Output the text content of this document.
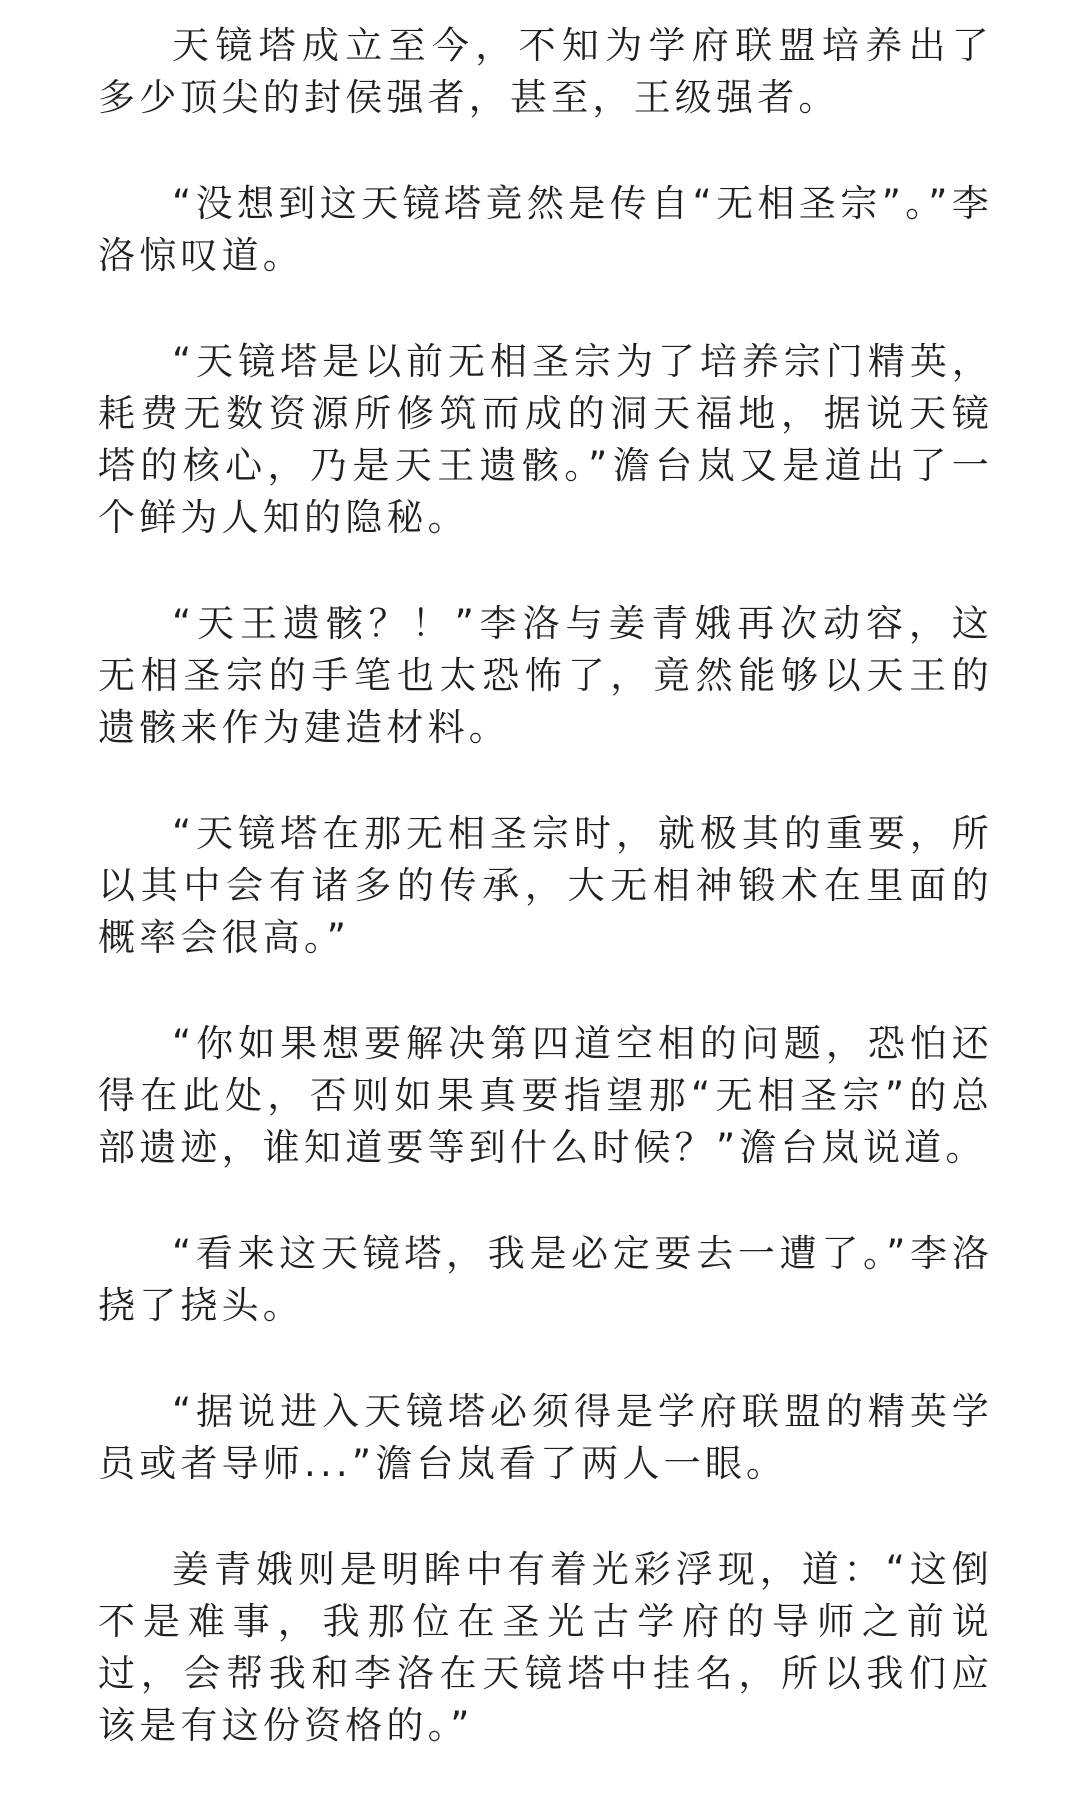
天镜塔成立至今，不知为学府联盟培养出了多少顶尖的封侯强者，甚至，王级强者。

“没想到这天镜塔竟然是传自“无相圣宗”。”李洛惊叹道。

“天镜塔是以前无相圣宗为了培养宗门精英，耗费无数资源所修筑而成的洞天福地，据说天镜塔的核心，乃是天王遗骸。”澹台岚又是道出了一个鲜为人知的隐秘。

“天王遗骸？！”李洛与姜青娥再次动容，这无相圣宗的手笔也太恐怖了，竟然能够以天王的遗骸来作为建造材料。

“天镜塔在那无相圣宗时，就极其的重要，所以其中会有诸多的传承，大无相神锻术在里面的概率会很高。”

“你如果想要解决第四道空相的问题，恐怕还得在此处，否则如果真要指望那“无相圣宗”的总部遗迹，谁知道要等到什么时候？”澹台岚说道。

“看来这天镜塔，我是必定要去一遭了。”李洛挠了挠头。

“据说进入天镜塔必须得是学府联盟的精英学员或者导师...”澹台岚看了两人一眼。

姜青娥则是明眸中有着光彩浮现，道：“这倒不是难事，我那位在圣光古学府的导师之前说过，会帮我和李洛在天镜塔中挂名，所以我们应该是有这份资格的。”
